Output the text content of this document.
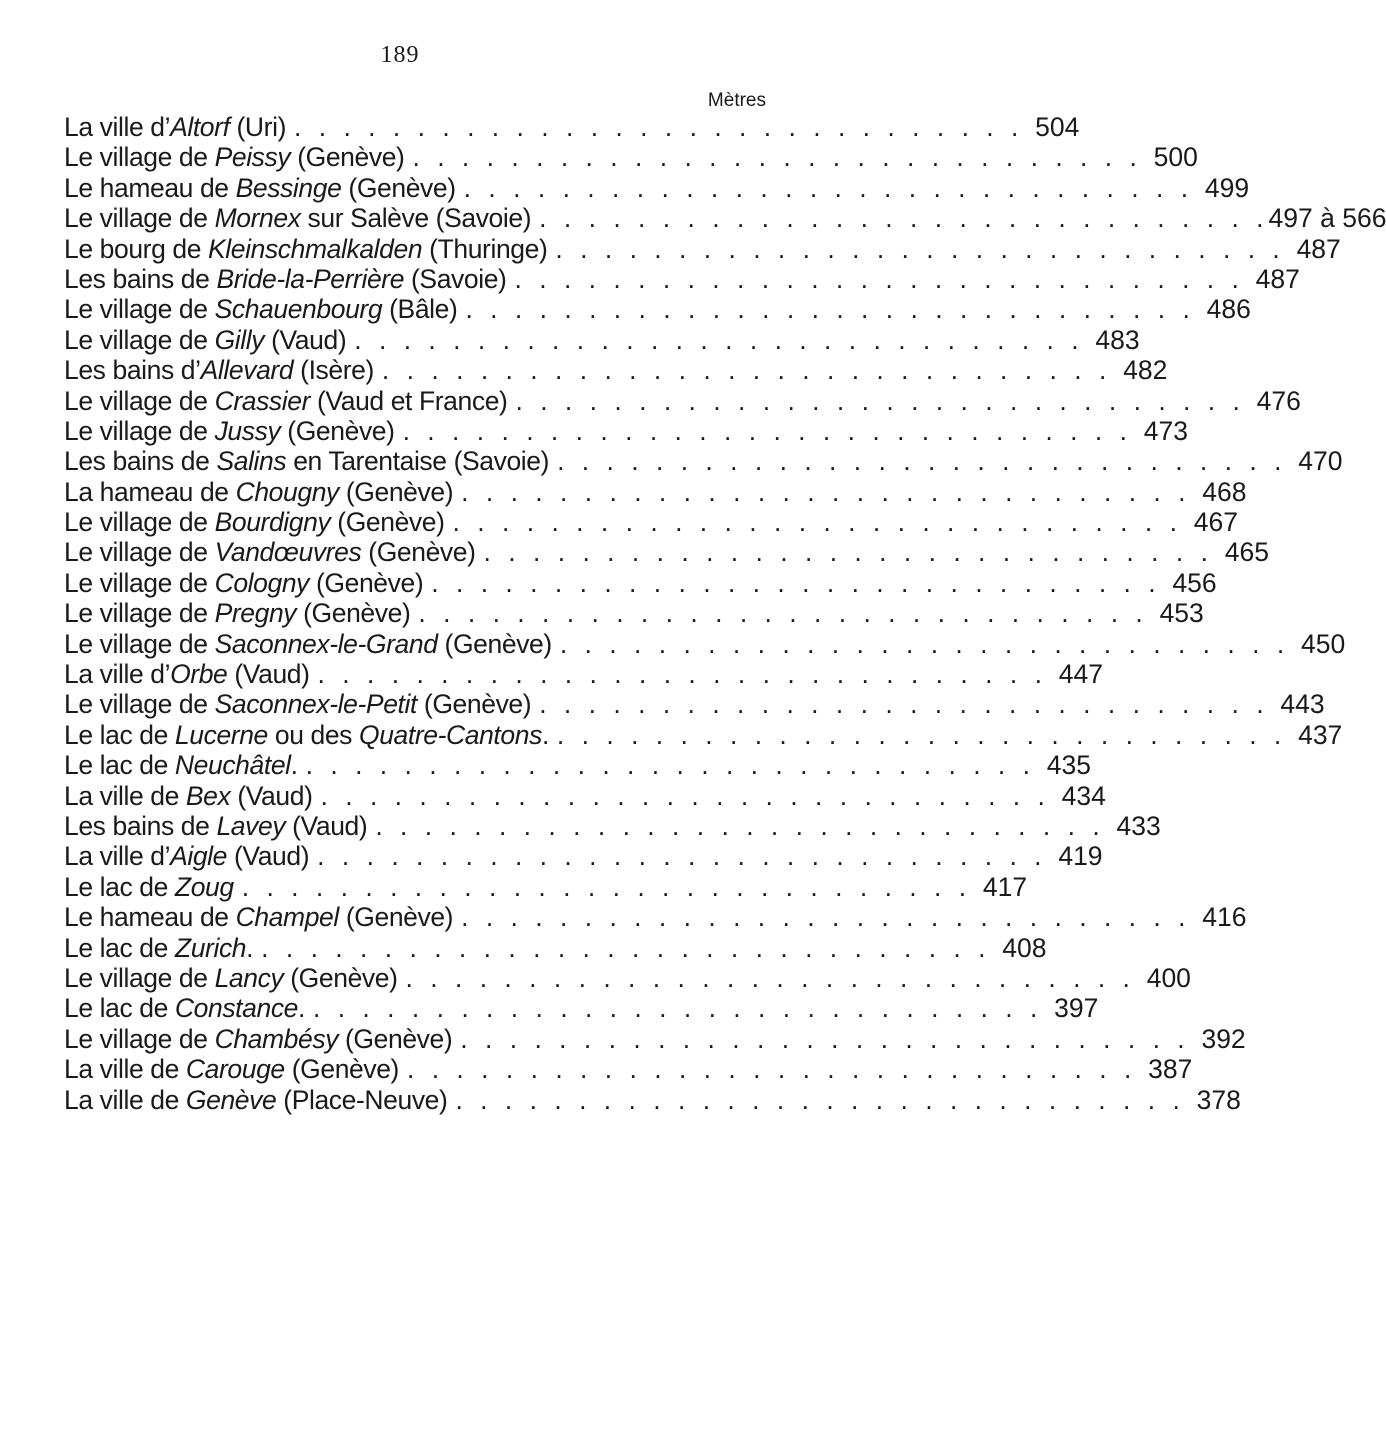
189
Mètres
La ville d’Altorf (Uri) . . . . . . . . . . . . . . . . . . . . . . . . . . . . . . 504
Le village de Peissy (Genève) . . . . . . . . . . . . . . . . . . . . . . . . . . . . . . 500
Le hameau de Bessinge (Genève) . . . . . . . . . . . . . . . . . . . . . . . . . . . . . . 499
Le village de Mornex sur Salève (Savoie) . . . . . . . . . . . . . . . . . . . . . . . . . . . . . . 497 à 566
Le bourg de Kleinschmalkalden (Thuringe) . . . . . . . . . . . . . . . . . . . . . . . . . . . . . . 487
Les bains de Bride-la-Perrière (Savoie) . . . . . . . . . . . . . . . . . . . . . . . . . . . . . . 487
Le village de Schauenbourg (Bâle) . . . . . . . . . . . . . . . . . . . . . . . . . . . . . . 486
Le village de Gilly (Vaud) . . . . . . . . . . . . . . . . . . . . . . . . . . . . . . 483
Les bains d’Allevard (Isère) . . . . . . . . . . . . . . . . . . . . . . . . . . . . . . 482
Le village de Crassier (Vaud et France) . . . . . . . . . . . . . . . . . . . . . . . . . . . . . . 476
Le village de Jussy (Genève) . . . . . . . . . . . . . . . . . . . . . . . . . . . . . . 473
Les bains de Salins en Tarentaise (Savoie) . . . . . . . . . . . . . . . . . . . . . . . . . . . . . . 470
La hameau de Chougny (Genève) . . . . . . . . . . . . . . . . . . . . . . . . . . . . . . 468
Le village de Bourdigny (Genève) . . . . . . . . . . . . . . . . . . . . . . . . . . . . . . 467
Le village de Vandœuvres (Genève) . . . . . . . . . . . . . . . . . . . . . . . . . . . . . . 465
Le village de Cologny (Genève) . . . . . . . . . . . . . . . . . . . . . . . . . . . . . . 456
Le village de Pregny (Genève) . . . . . . . . . . . . . . . . . . . . . . . . . . . . . . 453
Le village de Saconnex-le-Grand (Genève) . . . . . . . . . . . . . . . . . . . . . . . . . . . . . . 450
La ville d’Orbe (Vaud) . . . . . . . . . . . . . . . . . . . . . . . . . . . . . . 447
Le village de Saconnex-le-Petit (Genève) . . . . . . . . . . . . . . . . . . . . . . . . . . . . . . 443
Le lac de Lucerne ou des Quatre-Cantons. . . . . . . . . . . . . . . . . . . . . . . . . . . . . . . 437
Le lac de Neuchâtel. . . . . . . . . . . . . . . . . . . . . . . . . . . . . . . 435
La ville de Bex (Vaud) . . . . . . . . . . . . . . . . . . . . . . . . . . . . . . 434
Les bains de Lavey (Vaud) . . . . . . . . . . . . . . . . . . . . . . . . . . . . . . 433
La ville d’Aigle (Vaud) . . . . . . . . . . . . . . . . . . . . . . . . . . . . . . 419
Le lac de Zoug . . . . . . . . . . . . . . . . . . . . . . . . . . . . . . 417
Le hameau de Champel (Genève) . . . . . . . . . . . . . . . . . . . . . . . . . . . . . . 416
Le lac de Zurich. . . . . . . . . . . . . . . . . . . . . . . . . . . . . . . 408
Le village de Lancy (Genève) . . . . . . . . . . . . . . . . . . . . . . . . . . . . . . 400
Le lac de Constance. . . . . . . . . . . . . . . . . . . . . . . . . . . . . . . 397
Le village de Chambésy (Genève) . . . . . . . . . . . . . . . . . . . . . . . . . . . . . . 392
La ville de Carouge (Genève) . . . . . . . . . . . . . . . . . . . . . . . . . . . . . . 387
La ville de Genève (Place-Neuve) . . . . . . . . . . . . . . . . . . . . . . . . . . . . . . 378
